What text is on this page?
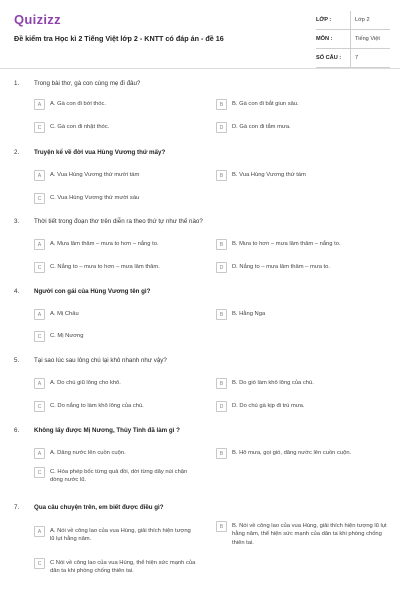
Quizizz
Đề kiểm tra Học kì 2 Tiếng Việt lớp 2 - KNTT có đáp án - đề 16
LỚP :	Lớp 2
MÔN :	Tiếng Việt
SỐ CÂU :	7
1.	Trong bài thơ, gà con cùng mẹ đi đâu?
A	A. Gà con đi bới thóc.	B	B. Gà con đi bắt giun sâu.
C	C. Gà con đi nhặt thóc.	D	D. Gà con đi tắm mưa.
2.	Truyện kể về đời vua Hùng Vương thứ mấy?
A	A. Vua Hùng Vương thứ mười tám	B	B. Vua Hùng Vương thứ tám
C	C. Vua Hùng Vương thứ mười sáu
3.	Thời tiết trong đoạn thơ trên diễn ra theo thứ tự như thế nào?
A	A. Mưa lâm thâm – mưa to hơn – nắng to.	B	B. Mưa to hơn – mưa lâm thâm – nắng to.
C	C. Nắng to – mưa to hơn – mưa lâm thâm.	D	D. Nắng to – mưa lâm thâm – mưa to.
4.	Người con gái của Hùng Vương tên gì?
A	A. Mị Châu	B	B. Hằng Nga
C	C. Mị Nương
5.	Tại sao lúc sau lông chú lại khô nhanh như vậy?
A	A. Do chú giũ lông cho khô.	B	B. Do gió làm khô lông của chú.
C	C. Do nắng to làm khô lông của chú.	D	D. Do chú gà kịp đi trú mưa.
6.	Không lấy được Mị Nương, Thủy Tinh đã làm gì ?
A	A. Dâng nước lên cuồn cuộn.	B	B. Hô mưa, gọi gió, dâng nước lên cuồn cuộn.
C	C. Hóa phép bốc từng quả đồi, dời từng dãy núi chặn dòng nước lũ.
7.	Qua câu chuyện trên, em biết được điều gì?
A	A. Nói về công lao của vua Hùng, giải thích hiện tượng lũ lụt hằng năm.
B	B. Nói về công lao của vua Hùng, giải thích hiện tượng lũ lụt hằng năm, thể hiện sức mạnh của dân ta khi phòng chống thiên tai.
C	C Nói về công lao của vua Hùng, thể hiện sức mạnh của dân ta khi phòng chống thiên tai.
